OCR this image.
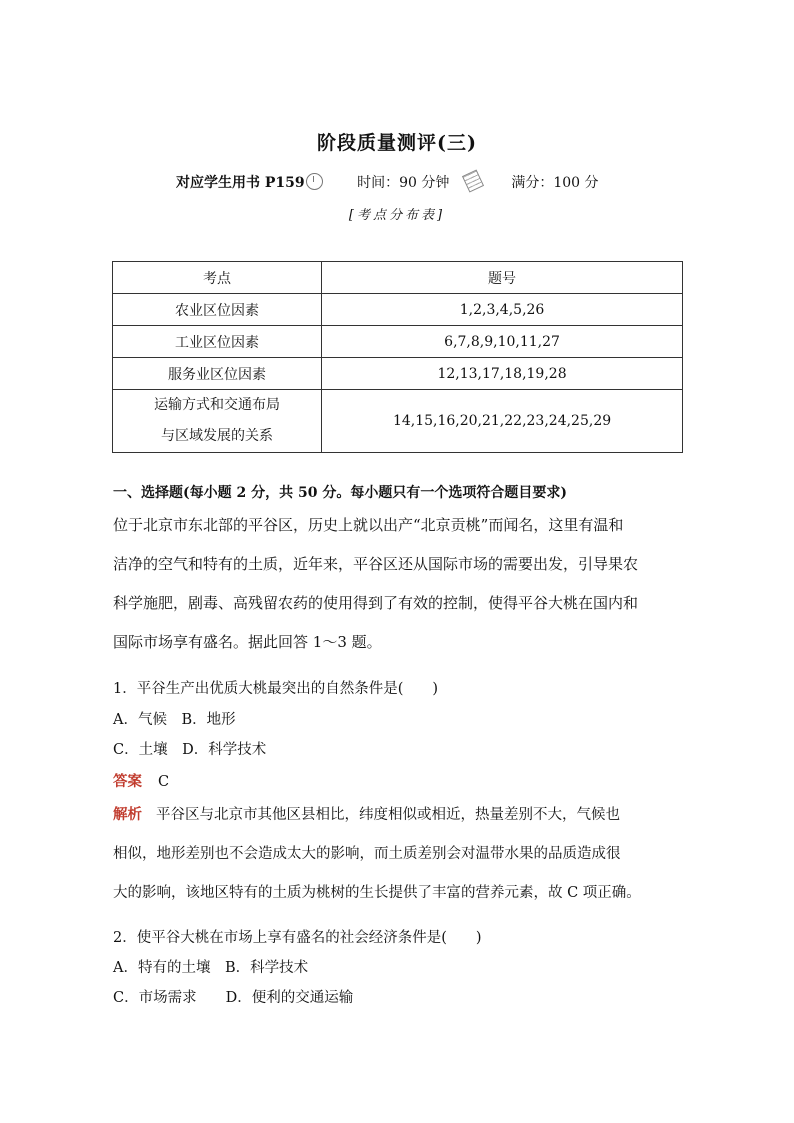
阶段质量测评(三)
对应学生用书 P159	时间：90 分钟	满分：100 分
[考点分布表]
考点	题号
农业区位因素	1,2,3,4,5,26
工业区位因素	6,7,8,9,10,11,27
服务业区位因素	12,13,17,18,19,28

运输方式和交通布局
与区域发展的关系	14,15,16,20,21,22,23,24,25,29
一、选择题(每小题 2 分，共 50 分。每小题只有一个选项符合题目要求)
位于北京市东北部的平谷区，历史上就以出产“北京贡桃”而闻名，这里有温和
洁净的空气和特有的土质，近年来，平谷区还从国际市场的需要出发，引导果农
科学施肥，剧毒、高残留农药的使用得到了有效的控制，使得平谷大桃在国内和
国际市场享有盛名。据此回答 1～3 题。
1．平谷生产出优质大桃最突出的自然条件是(　　)
A．气候　B．地形
C．土壤　D．科学技术
答案 C
解析 平谷区与北京市其他区县相比，纬度相似或相近，热量差别不大，气候也
相似，地形差别也不会造成太大的影响，而土质差别会对温带水果的品质造成很
大的影响，该地区特有的土质为桃树的生长提供了丰富的营养元素，故 C 项正确。
2．使平谷大桃在市场上享有盛名的社会经济条件是(　　)
A．特有的土壤　B．科学技术
C．市场需求　　D．便利的交通运输
